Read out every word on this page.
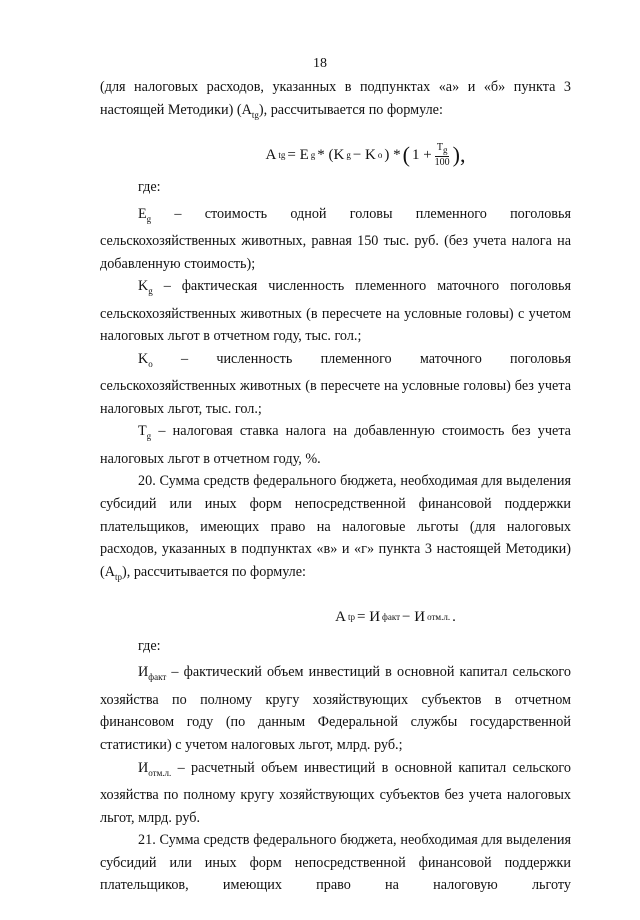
18

(для налоговых расходов, указанных в подпунктах «а» и «б» пункта 3 настоящей Методики) $(A_{tg})$, рассчитывается по формуле:

A tg = E g * (K g − K o ) * ( $1 + \frac{T_g}{100}$ ),

где:

$E_g$ – стоимость одной головы племенного поголовья сельскохозяйственных животных, равная 150 тыс. руб. (без учета налога на добавленную стоимость);

$K_g$ – фактическая численность племенного маточного поголовья сельскохозяйственных животных (в пересчете на условные головы) с учетом налоговых льгот в отчетном году, тыс. гол.;

$K_o$ – численность племенного маточного поголовья сельскохозяйственных животных (в пересчете на условные головы) без учета налоговых льгот, тыс. гол.;

$T_g$ – налоговая ставка налога на добавленную стоимость без учета налоговых льгот в отчетном году, %.

20. Сумма средств федерального бюджета, необходимая для выделения субсидий или иных форм непосредственной финансовой поддержки плательщиков, имеющих право на налоговые льготы (для налоговых расходов, указанных в подпунктах «в» и «г» пункта 3 настоящей Методики) $(A_{tp})$, рассчитывается по формуле:

A tp = И факт − И отм.л. .

где:

$И_{факт}$ – фактический объем инвестиций в основной капитал сельского хозяйства по полному кругу хозяйствующих субъектов в отчетном финансовом году (по данным Федеральной службы государственной статистики) с учетом налоговых льгот, млрд. руб.;

$И_{отм.л.}$ – расчетный объем инвестиций в основной капитал сельского хозяйства по полному кругу хозяйствующих субъектов без учета налоговых льгот, млрд. руб.

21. Сумма средств федерального бюджета, необходимая для выделения субсидий или иных форм непосредственной финансовой поддержки плательщиков, имеющих право на налоговую льготу
